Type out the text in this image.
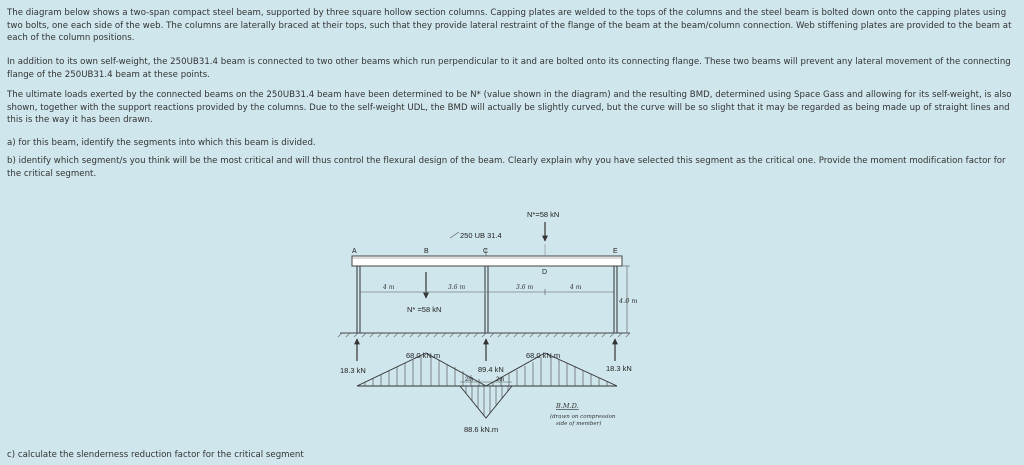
The diagram below shows a two-span compact steel beam, supported by three square hollow section columns. Capping plates are welded to the tops of the columns and the steel beam is bolted down onto the capping plates using two bolts, one each side of the web. The columns are laterally braced at their tops, such that they provide lateral restraint of the flange of the beam at the beam/column connection. Web stiffening plates are provided to the beam at each of the column positions.

In addition to its own self-weight, the 250UB31.4 beam is connected to two other beams which run perpendicular to it and are bolted onto its connecting flange. These two beams will prevent any lateral movement of the connecting flange of the 250UB31.4 beam at these points.

The ultimate loads exerted by the connected beams on the 250UB31.4 beam have been determined to be N* (value shown in the diagram) and the resulting BMD, determined using Space Gass and allowing for its self-weight, is also shown, together with the support reactions provided by the columns. Due to the self-weight UDL, the BMD will actually be slightly curved, but the curve will be so slight that it may be regarded as being made up of straight lines and this is the way it has been drawn.

a) for this beam, identify the segments into which this beam is divided.

b) identify which segment/s you think will be the most critical and will thus control the flexural design of the beam. Clearly explain why you have selected this segment as the critical one. Provide the moment modification factor for the critical segment.

c) calculate the slenderness reduction factor for the critical segment

A	B	C
D
E
250 UB 31.4
N*=58 kN
N* =58 kN
4 m	3.6 m	3.6 m	4 m
4.0 m
68.0 kN.m	68.0 kN.m
18.3 kN	18.3 kN
89.4 kN
2m	2m
88.6 kN.m
B.M.D.
(drawn on compression
side of member)
